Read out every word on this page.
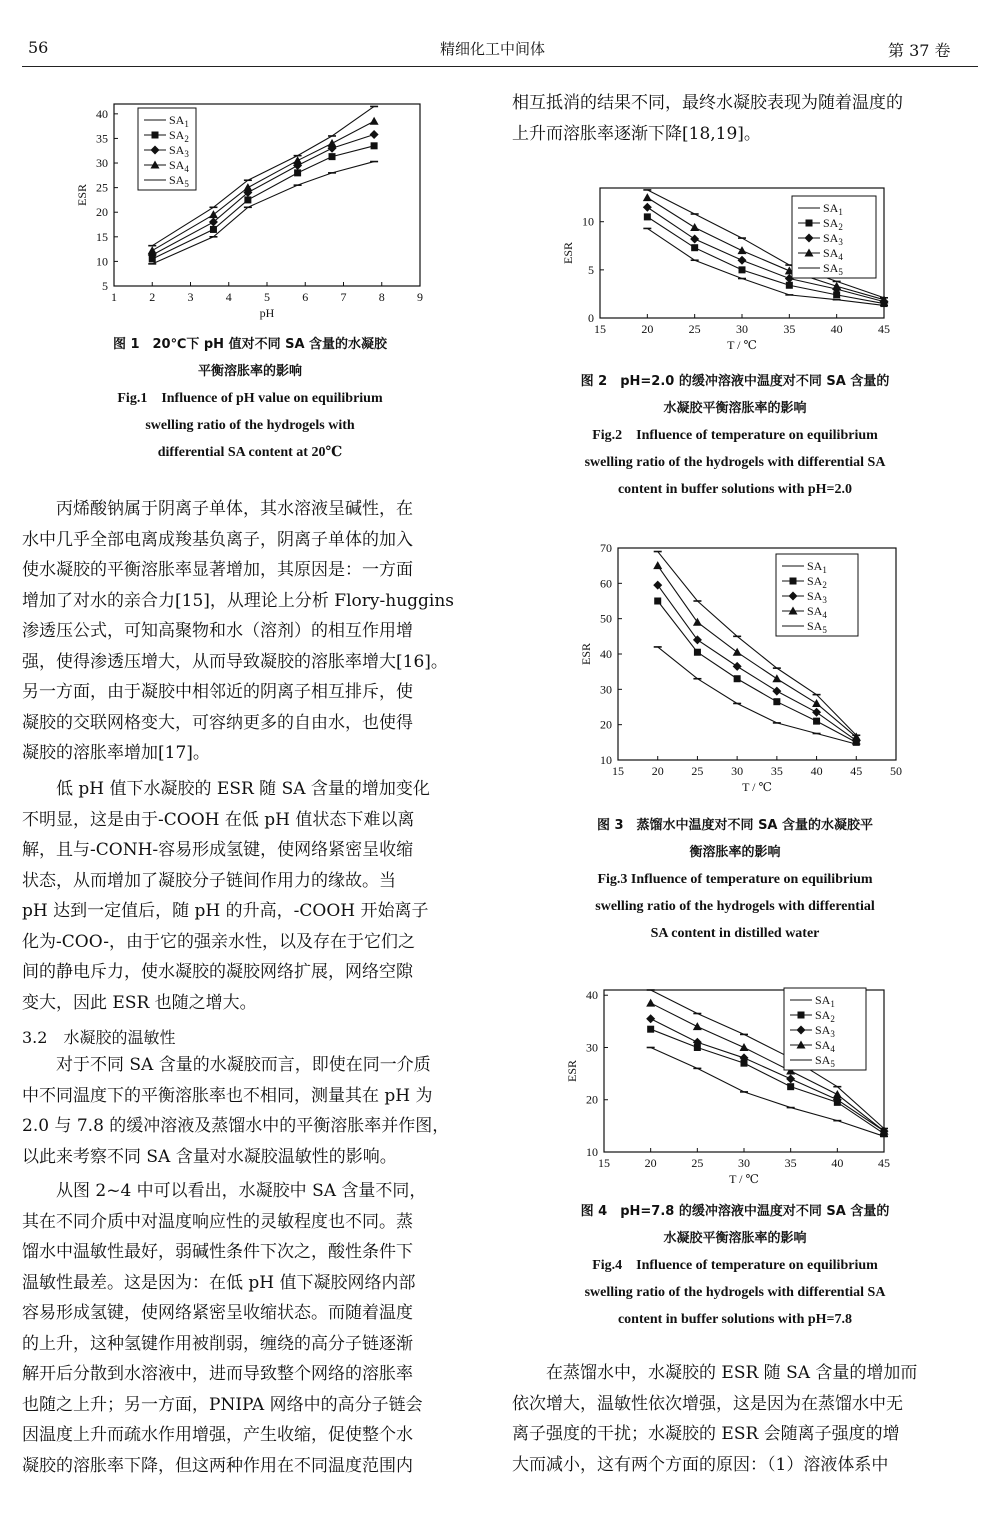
56	精细化工中间体	第 37 卷
1	2	3	4	5	6	7	8	9
5
10
15
20
25
30
35
40
pH
ESR
$SA_1$
$SA_2$
$SA_3$
$SA_4$
$SA_5$
图 1　20℃下 pH 值对不同 SA 含量的水凝胶
平衡溶胀率的影响
Fig.1　Influence of pH value on equilibrium
swelling ratio of the hydrogels with
differential SA content at 20℃
丙烯酸钠属于阴离子单体，其水溶液呈碱性，在
水中几乎全部电离成羧基负离子，阴离子单体的加入
使水凝胶的平衡溶胀率显著增加，其原因是：一方面
增加了对水的亲合力[15]，从理论上分析 Flory-huggins
渗透压公式，可知高聚物和水（溶剂）的相互作用增
强，使得渗透压增大，从而导致凝胶的溶胀率增大[16]。
另一方面，由于凝胶中相邻近的阴离子相互排斥，使
凝胶的交联网格变大，可容纳更多的自由水，也使得
凝胶的溶胀率增加[17]。
低 pH 值下水凝胶的 ESR 随 SA 含量的增加变化
不明显，这是由于-COOH 在低 pH 值状态下难以离
解，且与-CONH-容易形成氢键，使网络紧密呈收缩
状态，从而增加了凝胶分子链间作用力的缘故。当
pH 达到一定值后，随 pH 的升高，-COOH 开始离子
化为-COO-，由于它的强亲水性，以及存在于它们之
间的静电斥力，使水凝胶的凝胶网络扩展，网络空隙
变大，因此 ESR 也随之增大。
3.2　水凝胶的温敏性
对于不同 SA 含量的水凝胶而言，即使在同一介质
中不同温度下的平衡溶胀率也不相同，测量其在 pH 为
2.0 与 7.8 的缓冲溶液及蒸馏水中的平衡溶胀率并作图，
以此来考察不同 SA 含量对水凝胶温敏性的影响。
从图 2~4 中可以看出，水凝胶中 SA 含量不同，
其在不同介质中对温度响应性的灵敏程度也不同。蒸
馏水中温敏性最好，弱碱性条件下次之，酸性条件下
温敏性最差。这是因为：在低 pH 值下凝胶网络内部
容易形成氢键，使网络紧密呈收缩状态。而随着温度
的上升，这种氢键作用被削弱，缠绕的高分子链逐渐
解开后分散到水溶液中，进而导致整个网络的溶胀率
也随之上升；另一方面，PNIPA 网络中的高分子链会
因温度上升而疏水作用增强，产生收缩，促使整个水
凝胶的溶胀率下降，但这两种作用在不同温度范围内
相互抵消的结果不同，最终水凝胶表现为随着温度的
上升而溶胀率逐渐下降[18,19]。
15	20	25	30	35	40	45
0
5
10
T / ℃
ESR
$SA_1$
$SA_2$
$SA_3$
$SA_4$
$SA_5$
图 2　pH=2.0 的缓冲溶液中温度对不同 SA 含量的
水凝胶平衡溶胀率的影响
Fig.2　Influence of temperature on equilibrium
swelling ratio of the hydrogels with differential SA
content in buffer solutions with pH=2.0
15 20 25 30 35 40 45 50
10
20
30
40
50
60
70
T / ℃
ESR
$SA_1$
$SA_2$
$SA_3$
$SA_4$
$SA_5$
图 3　蒸馏水中温度对不同 SA 含量的水凝胶平
衡溶胀率的影响
Fig.3 Influence of temperature on equilibrium
swelling ratio of the hydrogels with differential
SA content in distilled water
15	20	25	30	35	40	45
10
20
30
40
T / ℃
ESR
$SA_1$
$SA_2$
$SA_3$
$SA_4$
$SA_5$
图 4　pH=7.8 的缓冲溶液中温度对不同 SA 含量的
水凝胶平衡溶胀率的影响
Fig.4　Influence of temperature on equilibrium
swelling ratio of the hydrogels with differential SA
content in buffer solutions with pH=7.8
在蒸馏水中，水凝胶的 ESR 随 SA 含量的增加而
依次增大，温敏性依次增强，这是因为在蒸馏水中无
离子强度的干扰；水凝胶的 ESR 会随离子强度的增
大而减小，这有两个方面的原因：（1）溶液体系中
